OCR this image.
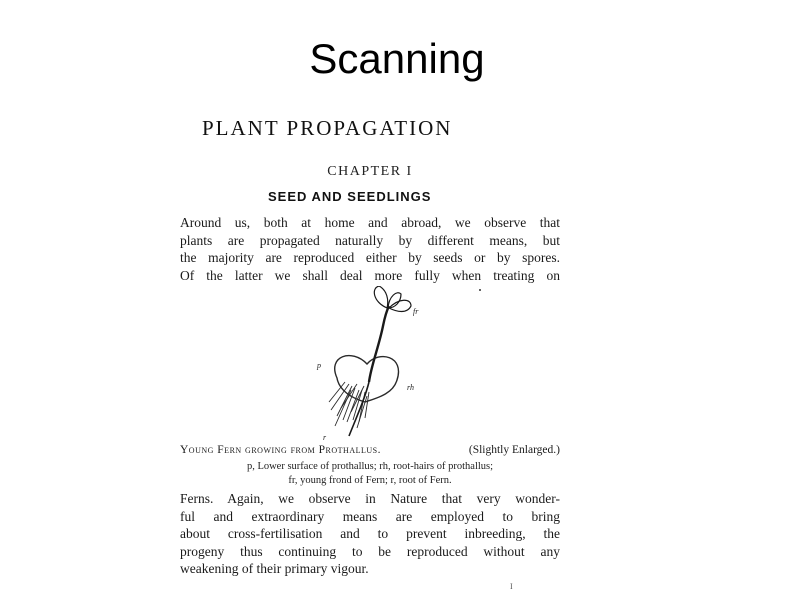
Scanning
PLANT PROPAGATION
CHAPTER I
SEED AND SEEDLINGS
Around us, both at home and abroad, we observe that
plants are propagated naturally by different means, but
the majority are reproduced either by seeds or by spores.
Of the latter we shall deal more fully when treating on
fr
p
rh
r
Young Fern growing from Prothallus.	(Slightly Enlarged.)
p, Lower surface of prothallus; rh, root-hairs of prothallus;
fr, young frond of Fern; r, root of Fern.
Ferns. Again, we observe in Nature that very wonder-
ful and extraordinary means are employed to bring
about cross-fertilisation and to prevent inbreeding, the
progeny thus continuing to be reproduced without any
weakening of their primary vigour.
I
